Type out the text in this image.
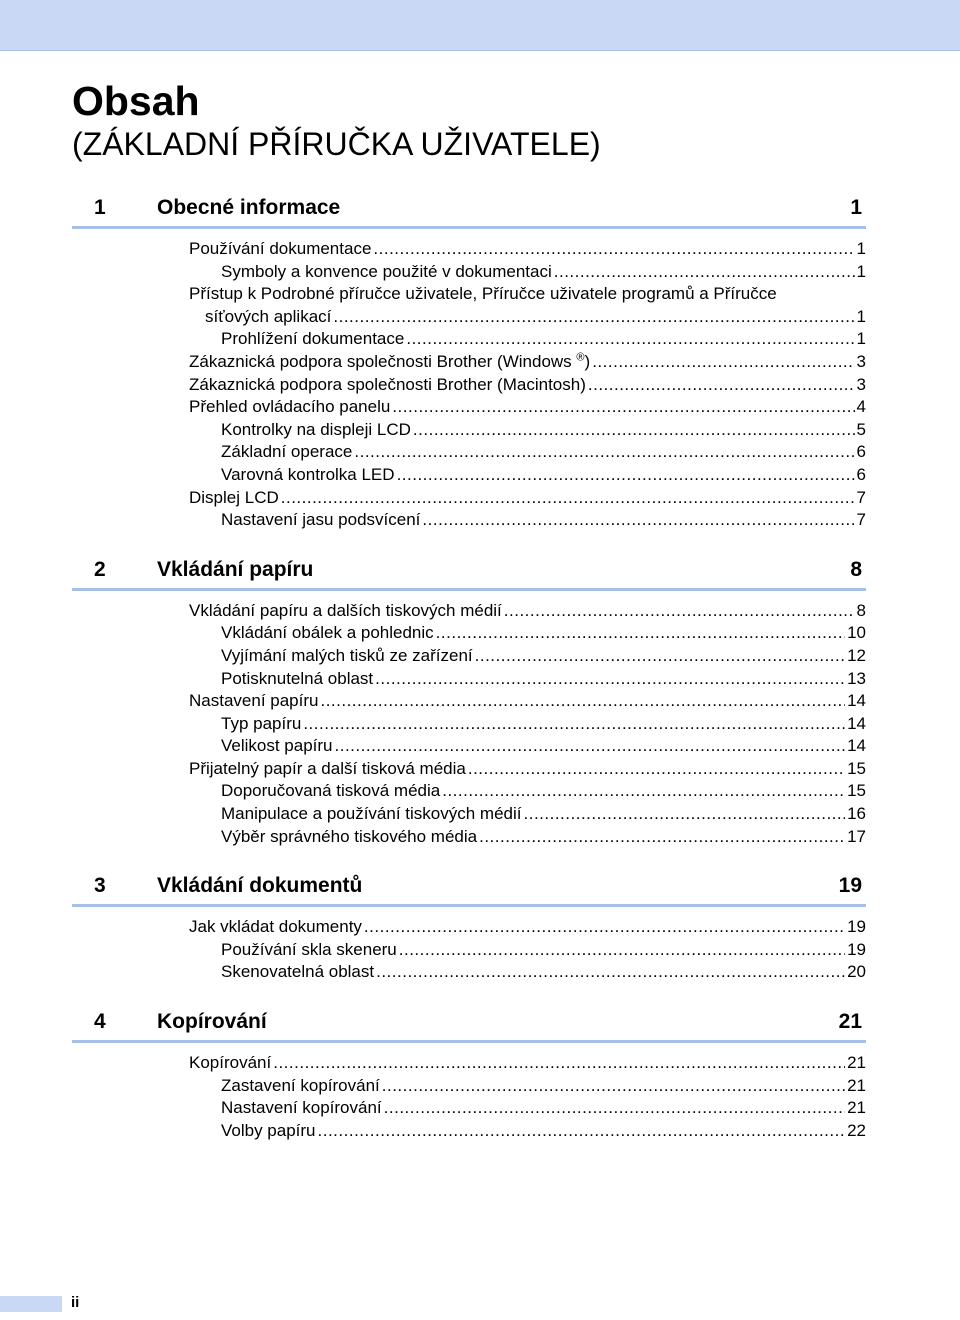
Obsah
(ZÁKLADNÍ PŘÍRUČKA UŽIVATELE)
1 Obecné informace	1
Používání dokumentace .....	1
Symboly a konvence použité v dokumentaci .....	1
Přístup k Podrobné příručce uživatele, Příručce uživatele programů a Příručce
síťových aplikací .....	1
Prohlížení dokumentace .....	1
Zákaznická podpora společnosti Brother (Windows ®) .....	3
Zákaznická podpora společnosti Brother (Macintosh) .....	3
Přehled ovládacího panelu .....	4
Kontrolky na displeji LCD .....	5
Základní operace .....	6
Varovná kontrolka LED .....	6
Displej LCD .....	7
Nastavení jasu podsvícení .....	7
2 Vkládání papíru	8
Vkládání papíru a dalších tiskových médií .....	8
Vkládání obálek a pohlednic .....	10
Vyjímání malých tisků ze zařízení .....	12
Potisknutelná oblast .....	13
Nastavení papíru .....	14
Typ papíru .....	14
Velikost papíru .....	14
Přijatelný papír a další tisková média .....	15
Doporučovaná tisková média .....	15
Manipulace a používání tiskových médií .....	16
Výběr správného tiskového média .....	17
3 Vkládání dokumentů	19
Jak vkládat dokumenty .....	19
Používání skla skeneru .....	19
Skenovatelná oblast .....	20
4 Kopírování	21
Kopírování .....	21
Zastavení kopírování .....	21
Nastavení kopírování .....	21
Volby papíru .....	22
ii
